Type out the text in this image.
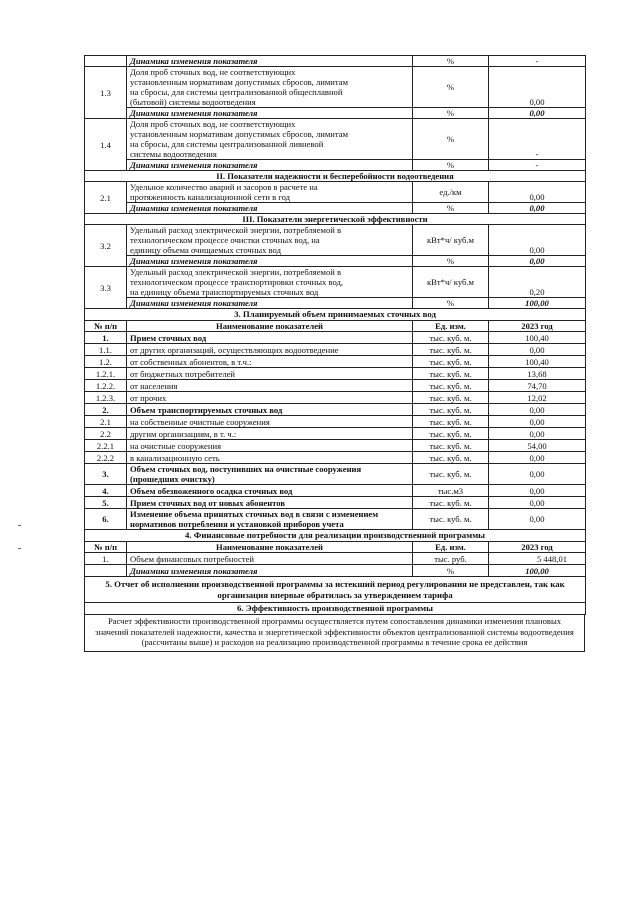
	Динамика изменения показателя	%	-
1.3	Доля проб сточных вод, не соответствующих
установленным нормативам допустимых сбросов, лимитам
на сбросы, для системы централизованной общесплавной
(бытовой) системы водоотведения	%	0,00
	Динамика изменения показателя	%	0,00
1.4	Доля проб сточных вод, не соответствующих
установленным нормативам допустимых сбросов, лимитам
на сбросы, для системы централизованной ливневой
системы водоотведения	%	-
	Динамика изменения показателя	%	-
II. Показатели надежности и бесперебойности водоотведения			
2.1	Удельное количество аварий и засоров в расчете на
протяженность канализационной сети в год	ед./км	0,00
	Динамика изменения показателя	%	0,00
III. Показатели энергетической эффективности			
3.2	Удельный расход электрической энергии, потребляемой в
технологическом процессе очистки сточных вод, на
единицу объема очищаемых сточных вод	кВт*ч/ куб.м	0,00
	Динамика изменения показателя	%	0,00
3.3	Удельный расход электрической энергии, потребляемой в
технологическом процессе транспортировки сточных вод,
на единицу объема транспортируемых сточных вод	кВт*ч/ куб.м	0,20
	Динамика изменения показателя	%	100,00
3. Планируемый объем принимаемых сточных вод			
№ п/п	Наименование показателей	Ед. изм.	2023 год
1.	Прием сточных вод	тыс. куб. м.	100,40
1.1.	от других организаций, осуществляющих водоотведение	тыс. куб. м.	0,00
1.2.	от собственных абонентов, в т.ч.:	тыс. куб. м.	100,40
1.2.1.	от бюджетных потребителей	тыс. куб. м.	13,68
1.2.2.	от населения	тыс. куб. м.	74,70
1.2.3.	от прочих	тыс. куб. м.	12,02
2.	Объем транспортируемых сточных вод	тыс. куб. м.	0,00
2.1	на собственные очистные сооружения	тыс. куб. м.	0,00
2.2	другим организациям, в т. ч.:	тыс. куб. м.	0,00
2.2.1	на очистные сооружения	тыс. куб. м.	54,00
2.2.2	в канализационную сеть	тыс. куб. м.	0,00
3.	Объем сточных вод, поступивших на очистные сооружения (прошедших очистку)	тыс. куб. м.	0,00
4.	Объем обезвоженного осадка сточных вод	тыс.м3	0,00
5.	Прием сточных вод от новых абонентов	тыс. куб. м.	0,00
6.	Изменение объема принятых сточных вод в связи с изменением нормативов потребления и установкой приборов учета	тыс. куб. м.	0,00
4. Финансовые потребности для реализации производственной программы			
№ п/п	Наименование показателей	Ед. изм.	2023 год
1.	Объем финансовых потребностей	тыс. руб.	5 448,01
	Динамика изменения показателя	%	100,00
5. Отчет об исполнении производственной программы за истекший период регулирования не представлен, так как организация впервые обратилась за утверждением тарифа			
6. Эффективность производственной программы			
Расчет эффективности производственной программы осуществляется путем сопоставления динамики изменения плановых значений показателей надежности, качества и энергетической эффективности объектов централизованной системы водоотведения (рассчитаны выше) и расходов на реализацию производственной программы в течение срока ее действия
